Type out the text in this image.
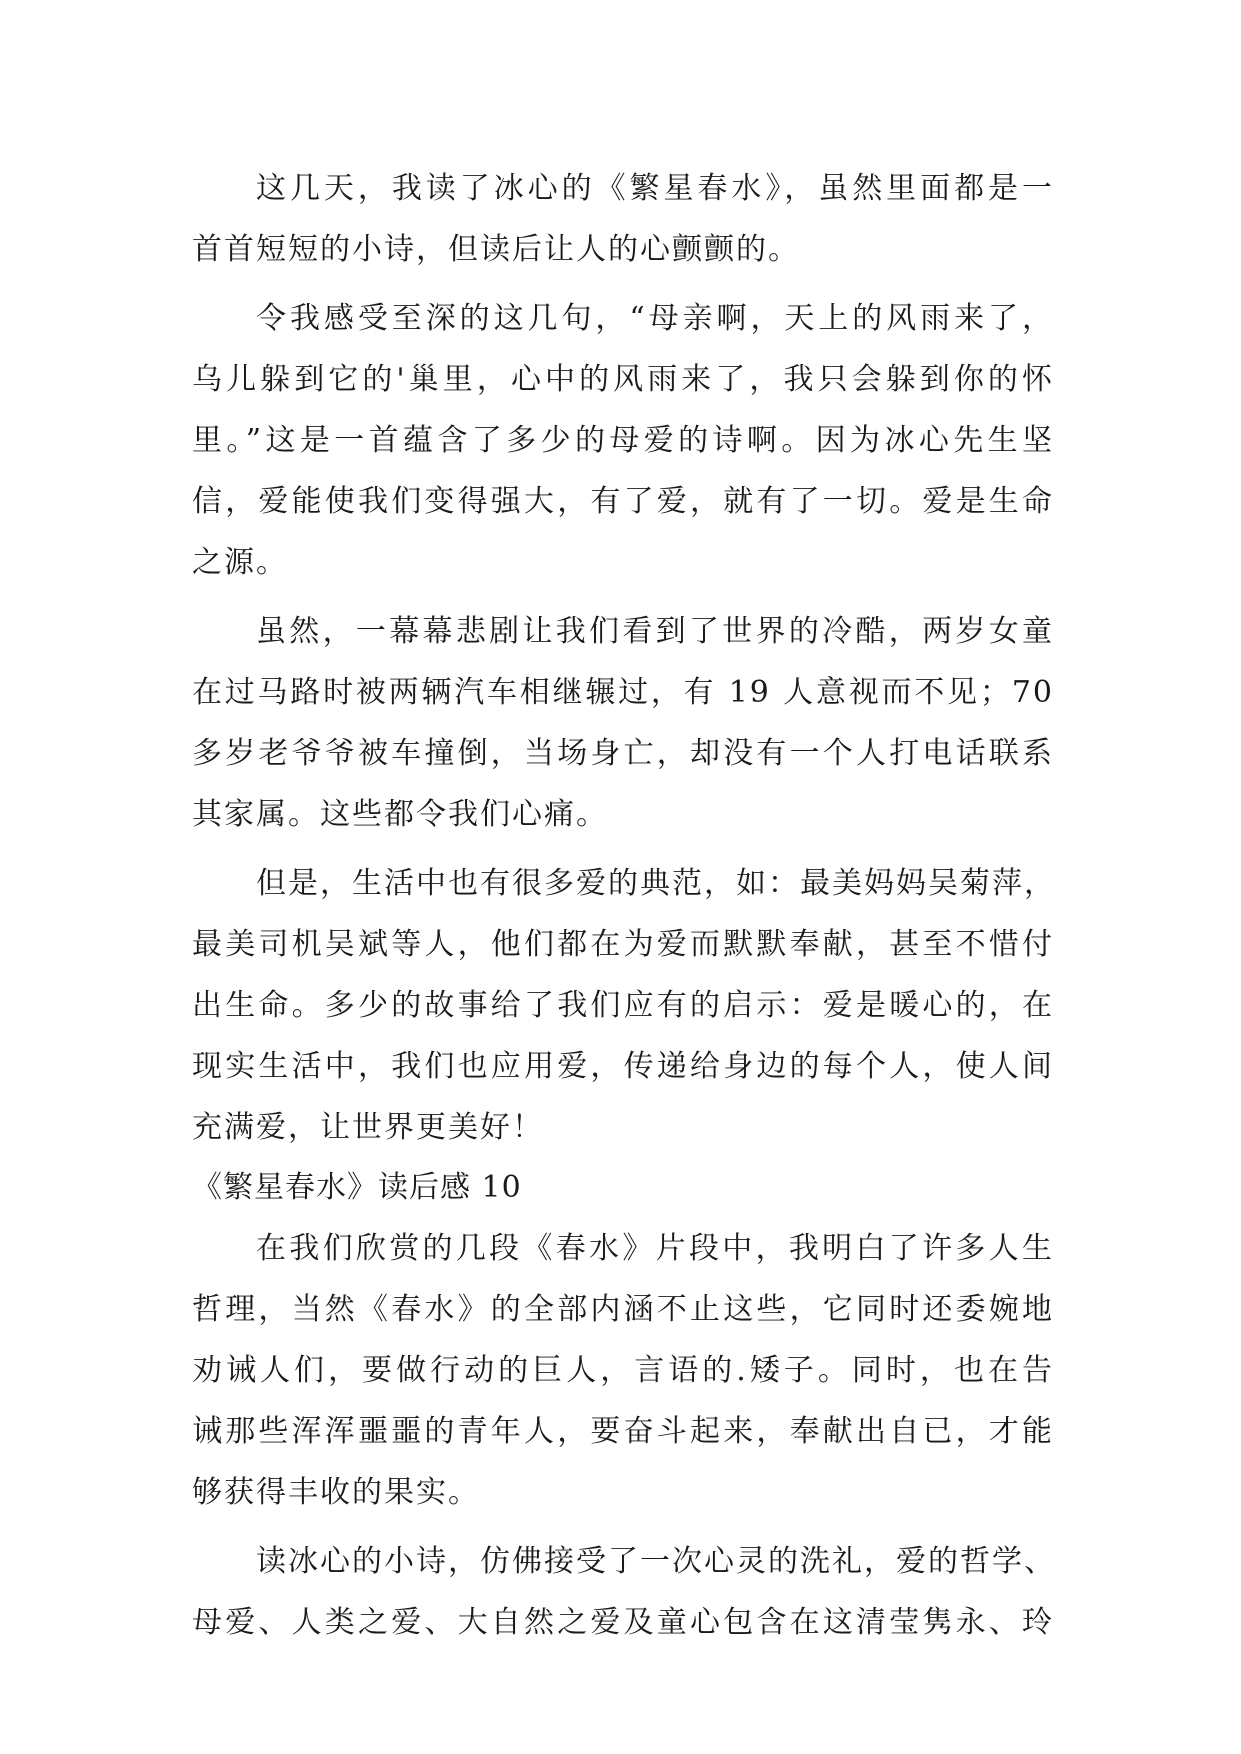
这几天，我读了冰心的《繁星春水》，虽然里面都是一
首首短短的小诗，但读后让人的心颤颤的。
令我感受至深的这几句，“母亲啊，天上的风雨来了，
乌儿躲到它的'巢里，心中的风雨来了，我只会躲到你的怀
里。”这是一首蕴含了多少的母爱的诗啊。因为冰心先生坚
信，爱能使我们变得强大，有了爱，就有了一切。爱是生命
之源。
虽然，一幕幕悲剧让我们看到了世界的冷酷，两岁女童
在过马路时被两辆汽车相继辗过，有 19 人意视而不见；70
多岁老爷爷被车撞倒，当场身亡，却没有一个人打电话联系
其家属。这些都令我们心痛。
但是，生活中也有很多爱的典范，如：最美妈妈吴菊萍，
最美司机吴斌等人，他们都在为爱而默默奉献，甚至不惜付
出生命。多少的故事给了我们应有的启示：爱是暖心的，在
现实生活中，我们也应用爱，传递给身边的每个人，使人间
充满爱，让世界更美好！
《繁星春水》读后感 10
在我们欣赏的几段《春水》片段中，我明白了许多人生
哲理，当然《春水》的全部内涵不止这些，它同时还委婉地
劝诫人们，要做行动的巨人，言语的.矮子。同时，也在告
诫那些浑浑噩噩的青年人，要奋斗起来，奉献出自已，才能
够获得丰收的果实。
读冰心的小诗，仿佛接受了一次心灵的洗礼，爱的哲学、
母爱、人类之爱、大自然之爱及童心包含在这清莹隽永、玲
